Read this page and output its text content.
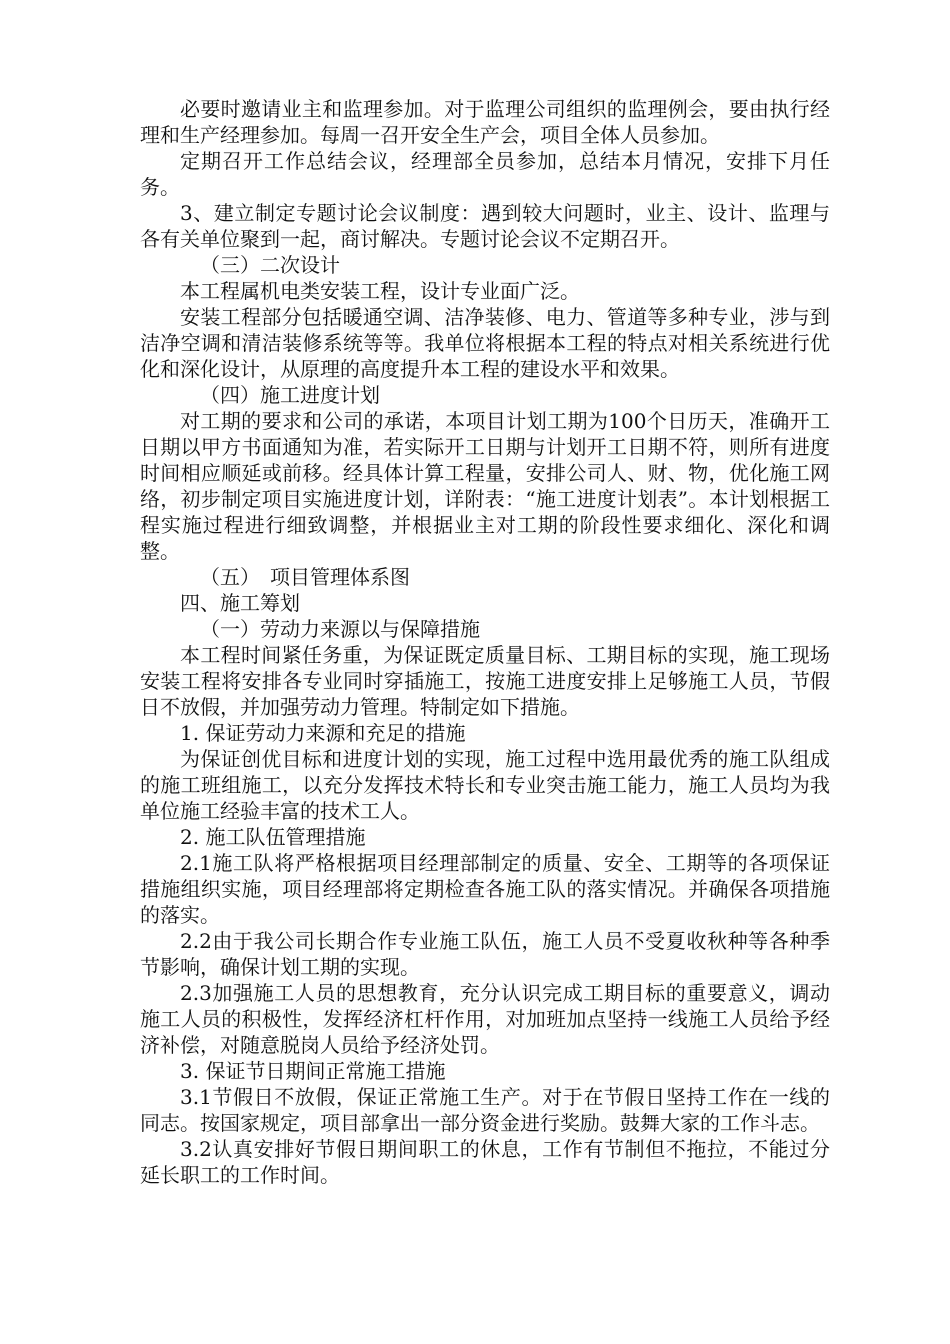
必要时邀请业主和监理参加。对于监理公司组织的监理例会，要由执行经理和生产经理参加。每周一召开安全生产会，项目全体人员参加。

定期召开工作总结会议，经理部全员参加，总结本月情况，安排下月任务。

3、建立制定专题讨论会议制度：遇到较大问题时，业主、设计、监理与各有关单位聚到一起，商讨解决。专题讨论会议不定期召开。

（三）二次设计

本工程属机电类安装工程，设计专业面广泛。

安装工程部分包括暖通空调、洁净装修、电力、管道等多种专业，涉与到洁净空调和清洁装修系统等等。我单位将根据本工程的特点对相关系统进行优化和深化设计，从原理的高度提升本工程的建设水平和效果。

（四）施工进度计划

对工期的要求和公司的承诺，本项目计划工期为100个日历天，准确开工日期以甲方书面通知为准，若实际开工日期与计划开工日期不符，则所有进度时间相应顺延或前移。经具体计算工程量，安排公司人、财、物，优化施工网络，初步制定项目实施进度计划，详附表：“施工进度计划表”。本计划根据工程实施过程进行细致调整，并根据业主对工期的阶段性要求细化、深化和调整。

（五）　项目管理体系图

四、施工筹划

（一）劳动力来源以与保障措施

本工程时间紧任务重，为保证既定质量目标、工期目标的实现，施工现场安装工程将安排各专业同时穿插施工，按施工进度安排上足够施工人员，节假日不放假，并加强劳动力管理。特制定如下措施。

1. 保证劳动力来源和充足的措施

为保证创优目标和进度计划的实现，施工过程中选用最优秀的施工队组成的施工班组施工，以充分发挥技术特长和专业突击施工能力，施工人员均为我单位施工经验丰富的技术工人。

2. 施工队伍管理措施

2.1施工队将严格根据项目经理部制定的质量、安全、工期等的各项保证措施组织实施，项目经理部将定期检查各施工队的落实情况。并确保各项措施的落实。

2.2由于我公司长期合作专业施工队伍，施工人员不受夏收秋种等各种季节影响，确保计划工期的实现。

2.3加强施工人员的思想教育，充分认识完成工期目标的重要意义，调动施工人员的积极性，发挥经济杠杆作用，对加班加点坚持一线施工人员给予经济补偿，对随意脱岗人员给予经济处罚。

3. 保证节日期间正常施工措施

3.1节假日不放假，保证正常施工生产。对于在节假日坚持工作在一线的同志。按国家规定，项目部拿出一部分资金进行奖励。鼓舞大家的工作斗志。

3.2认真安排好节假日期间职工的休息，工作有节制但不拖拉，不能过分延长职工的工作时间。
